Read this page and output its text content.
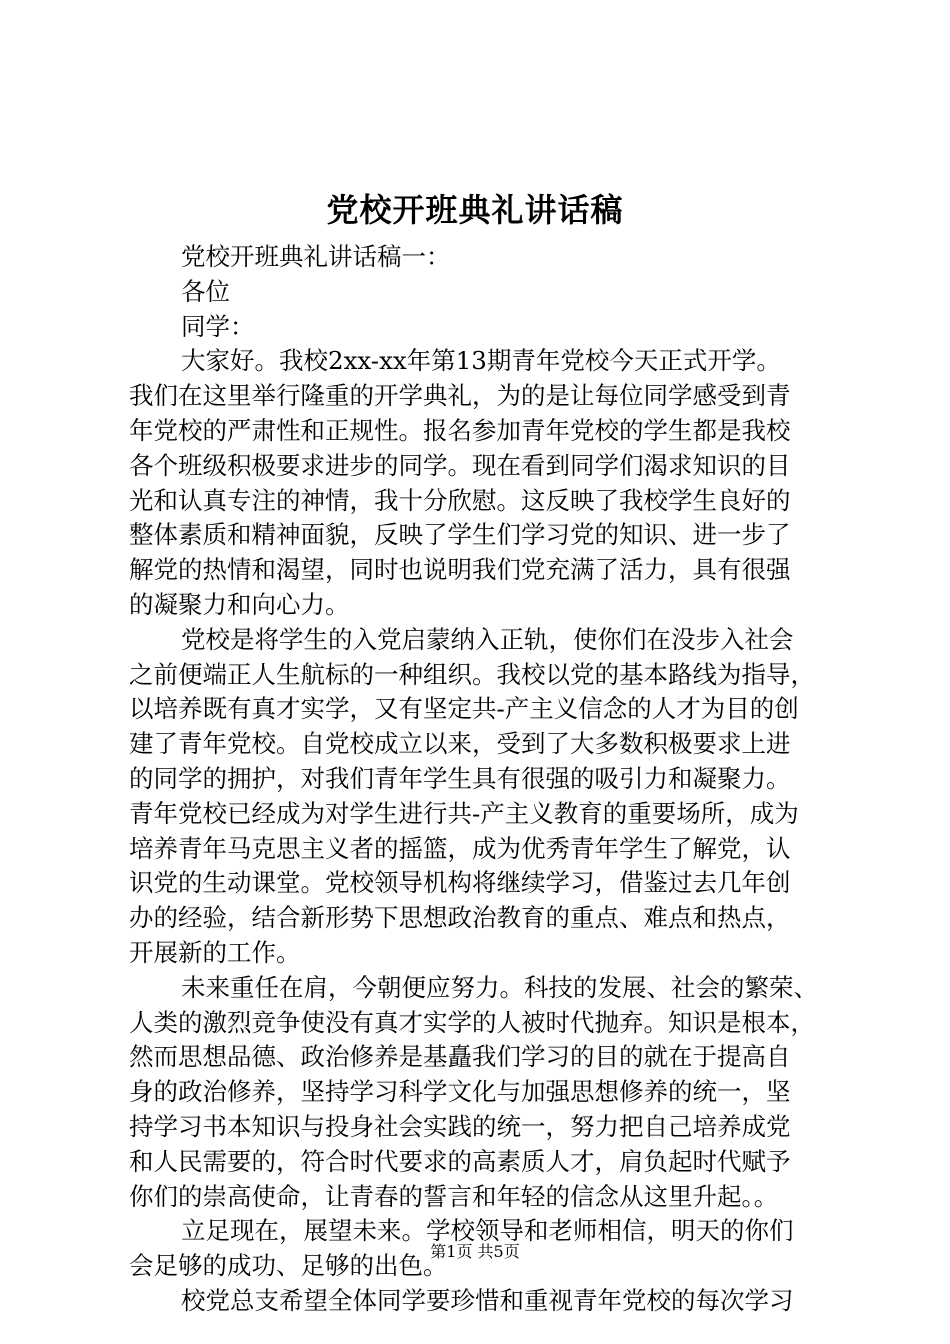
党校开班典礼讲话稿
党校开班典礼讲话稿一：
各位
同学：
大家好。我校2xx-xx年第13期青年党校今天正式开学。
我们在这里举行隆重的开学典礼，为的是让每位同学感受到青
年党校的严肃性和正规性。报名参加青年党校的学生都是我校
各个班级积极要求进步的同学。现在看到同学们渴求知识的目
光和认真专注的神情，我十分欣慰。这反映了我校学生良好的
整体素质和精神面貌，反映了学生们学习党的知识、进一步了
解党的热情和渴望，同时也说明我们党充满了活力，具有很强
的凝聚力和向心力。
党校是将学生的入党启蒙纳入正轨，使你们在没步入社会
之前便端正人生航标的一种组织。我校以党的基本路线为指导，
以培养既有真才实学，又有坚定共-产主义信念的人才为目的创
建了青年党校。自党校成立以来，受到了大多数积极要求上进
的同学的拥护，对我们青年学生具有很强的吸引力和凝聚力。
青年党校已经成为对学生进行共-产主义教育的重要场所，成为
培养青年马克思主义者的摇篮，成为优秀青年学生了解党，认
识党的生动课堂。党校领导机构将继续学习，借鉴过去几年创
办的经验，结合新形势下思想政治教育的重点、难点和热点，
开展新的工作。
未来重任在肩，今朝便应努力。科技的发展、社会的繁荣、
人类的激烈竞争使没有真才实学的人被时代抛弃。知识是根本，
然而思想品德、政治修养是基矗我们学习的目的就在于提高自
身的政治修养，坚持学习科学文化与加强思想修养的统一，坚
持学习书本知识与投身社会实践的统一，努力把自己培养成党
和人民需要的，符合时代要求的高素质人才，肩负起时代赋予
你们的崇高使命，让青春的誓言和年轻的信念从这里升起。。
立足现在，展望未来。学校领导和老师相信，明天的你们
会足够的成功、足够的出色。
校党总支希望全体同学要珍惜和重视青年党校的每次学习
第1页 共5页
